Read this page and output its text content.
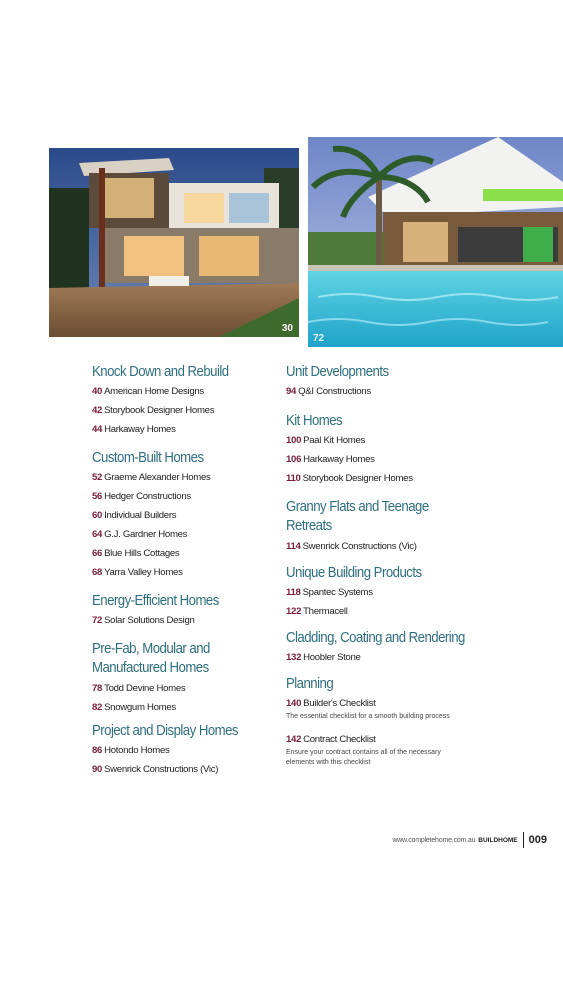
30
72
Knock Down and Rebuild
40 American Home Designs
42 Storybook Designer Homes
44 Harkaway Homes
Custom-Built Homes
52 Graeme Alexander Homes
56 Hedger Constructions
60 Individual Builders
64 G.J. Gardner Homes
66 Blue Hills Cottages
68 Yarra Valley Homes
Energy-Efficient Homes
72 Solar Solutions Design
Pre-Fab, Modular and
Manufactured Homes
78 Todd Devine Homes
82 Snowgum Homes
Project and Display Homes
86 Hotondo Homes
90 Swenrick Constructions (Vic)
Unit Developments
94 Q&I Constructions
Kit Homes
100 Paal Kit Homes
106 Harkaway Homes
110 Storybook Designer Homes
Granny Flats and Teenage
Retreats
114 Swenrick Constructions (Vic)
Unique Building Products
118 Spantec Systems
122 Thermacell
Cladding, Coating and Rendering
132 Hoobler Stone
Planning
140 Builder's Checklist
The essential checklist for a smooth building process
142 Contract Checklist
Ensure your contract contains all of the necessary elements with this checklist
www.completehome.com.au BUILDHOME 009
